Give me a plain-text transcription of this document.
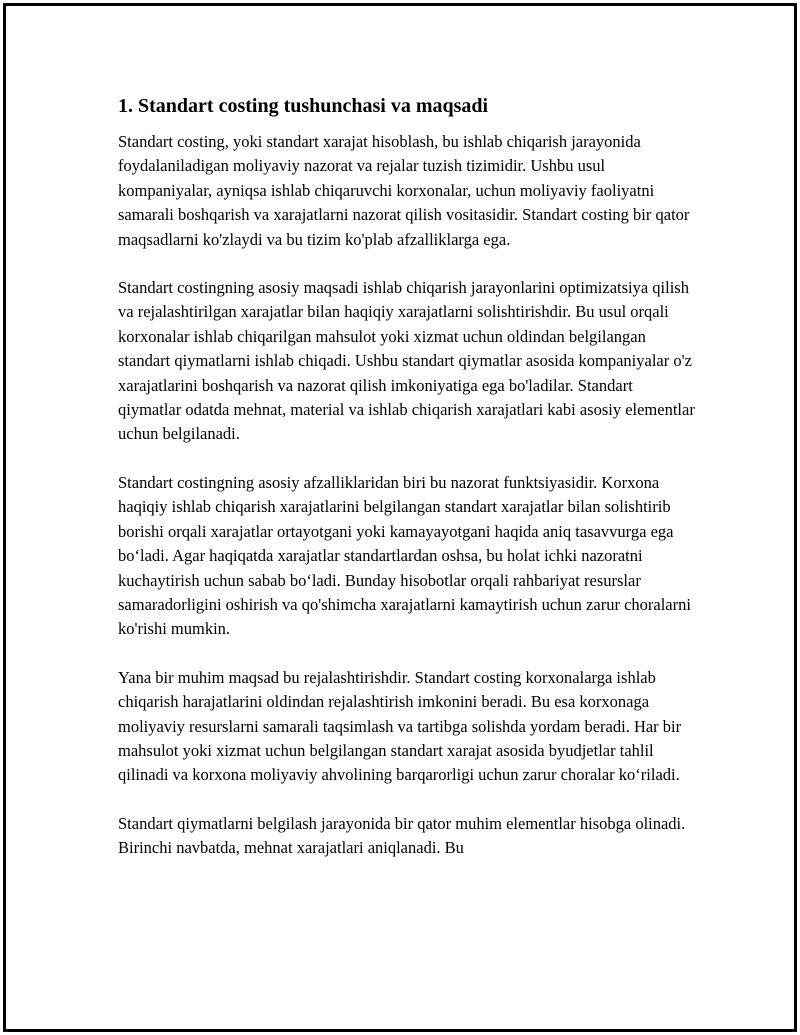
1. Standart costing tushunchasi va maqsadi

Standart costing, yoki standart xarajat hisoblash, bu ishlab chiqarish jarayonida foydalaniladigan moliyaviy nazorat va rejalar tuzish tizimidir. Ushbu usul kompaniyalar, ayniqsa ishlab chiqaruvchi korxonalar, uchun moliyaviy faoliyatni samarali boshqarish va xarajatlarni nazorat qilish vositasidir. Standart costing bir qator maqsadlarni ko'zlaydi va bu tizim ko'plab afzalliklarga ega.

Standart costingning asosiy maqsadi ishlab chiqarish jarayonlarini optimizatsiya qilish va rejalashtirilgan xarajatlar bilan haqiqiy xarajatlarni solishtirishdir. Bu usul orqali korxonalar ishlab chiqarilgan mahsulot yoki xizmat uchun oldindan belgilangan standart qiymatlarni ishlab chiqadi. Ushbu standart qiymatlar asosida kompaniyalar o'z xarajatlarini boshqarish va nazorat qilish imkoniyatiga ega bo'ladilar. Standart qiymatlar odatda mehnat, material va ishlab chiqarish xarajatlari kabi asosiy elementlar uchun belgilanadi.

Standart costingning asosiy afzalliklaridan biri bu nazorat funktsiyasidir. Korxona haqiqiy ishlab chiqarish xarajatlarini belgilangan standart xarajatlar bilan solishtirib borishi orqali xarajatlar ortayotgani yoki kamayayotgani haqida aniq tasavvurga ega bo‘ladi. Agar haqiqatda xarajatlar standartlardan oshsa, bu holat ichki nazoratni kuchaytirish uchun sabab bo‘ladi. Bunday hisobotlar orqali rahbariyat resurslar samaradorligini oshirish va qo'shimcha xarajatlarni kamaytirish uchun zarur choralarni ko'rishi mumkin.

Yana bir muhim maqsad bu rejalashtirishdir. Standart costing korxonalarga ishlab chiqarish harajatlarini oldindan rejalashtirish imkonini beradi. Bu esa korxonaga moliyaviy resurslarni samarali taqsimlash va tartibga solishda yordam beradi. Har bir mahsulot yoki xizmat uchun belgilangan standart xarajat asosida byudjetlar tahlil qilinadi va korxona moliyaviy ahvolining barqarorligi uchun zarur choralar ko‘riladi.

Standart qiymatlarni belgilash jarayonida bir qator muhim elementlar hisobga olinadi. Birinchi navbatda, mehnat xarajatlari aniqlanadi. Bu
